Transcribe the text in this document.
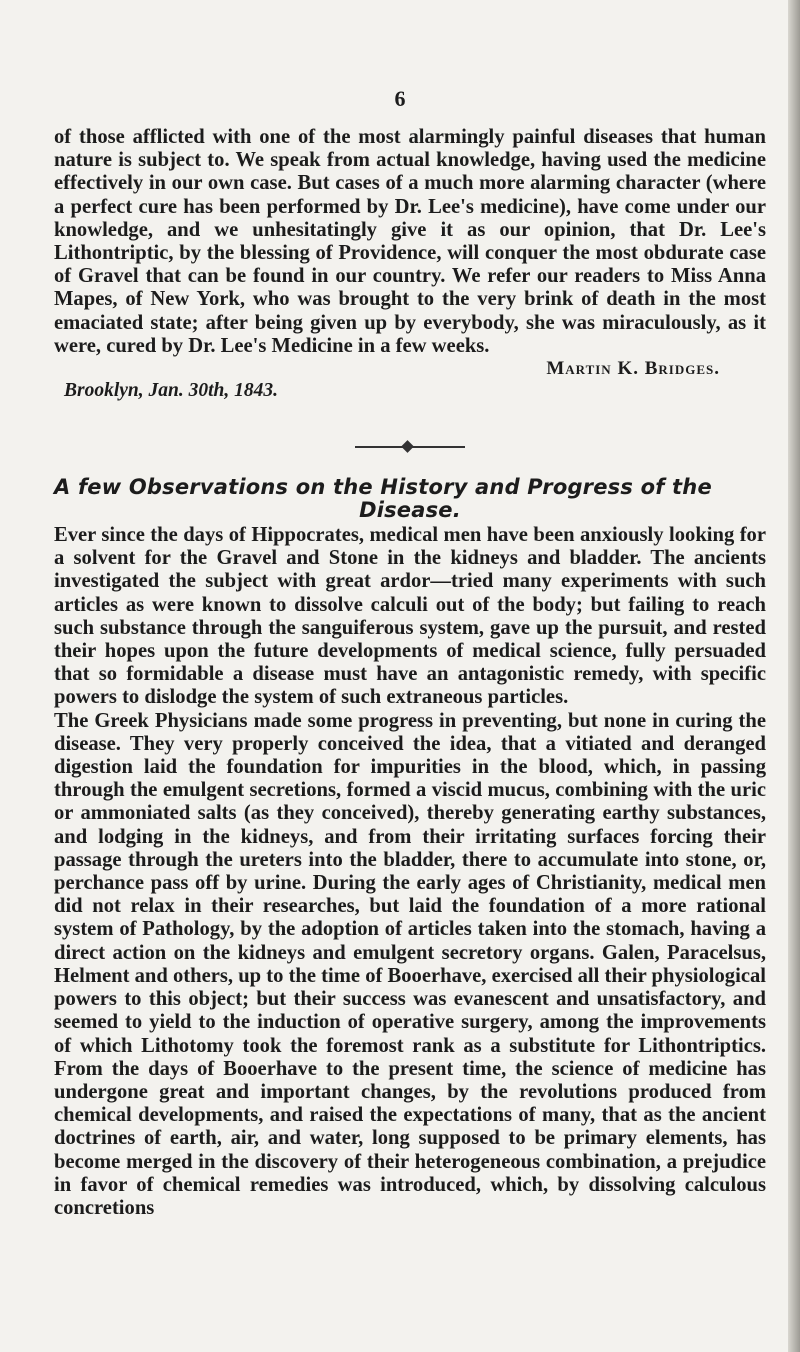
6

of those afflicted with one of the most alarmingly painful diseases that human nature is subject to. We speak from actual knowledge, having used the medicine effectively in our own case. But cases of a much more alarming character (where a perfect cure has been performed by Dr. Lee's medicine), have come under our knowledge, and we unhesitatingly give it as our opinion, that Dr. Lee's Lithontriptic, by the blessing of Providence, will conquer the most obdurate case of Gravel that can be found in our country. We refer our readers to Miss Anna Mapes, of New York, who was brought to the very brink of death in the most emaciated state; after being given up by everybody, she was miraculously, as it were, cured by Dr. Lee's Medicine in a few weeks.

Martin K. Bridges.
Brooklyn, Jan. 30th, 1843.
A few Observations on the History and Progress of the
Disease.

Ever since the days of Hippocrates, medical men have been anxiously looking for a solvent for the Gravel and Stone in the kidneys and bladder. The ancients investigated the subject with great ardor—tried many experiments with such articles as were known to dissolve calculi out of the body; but failing to reach such substance through the sanguiferous system, gave up the pursuit, and rested their hopes upon the future developments of medical science, fully persuaded that so formidable a disease must have an antagonistic remedy, with specific powers to dislodge the system of such extraneous particles.

The Greek Physicians made some progress in preventing, but none in curing the disease. They very properly conceived the idea, that a vitiated and deranged digestion laid the foundation for impurities in the blood, which, in passing through the emulgent secretions, formed a viscid mucus, combining with the uric or ammoniated salts (as they conceived), thereby generating earthy substances, and lodging in the kidneys, and from their irritating surfaces forcing their passage through the ureters into the bladder, there to accumulate into stone, or, perchance pass off by urine. During the early ages of Christianity, medical men did not relax in their researches, but laid the foundation of a more rational system of Pathology, by the adoption of articles taken into the stomach, having a direct action on the kidneys and emulgent secretory organs. Galen, Paracelsus, Helment and others, up to the time of Booerhave, exercised all their physiological powers to this object; but their success was evanescent and unsatisfactory, and seemed to yield to the induction of operative surgery, among the improvements of which Lithotomy took the foremost rank as a substitute for Lithontriptics. From the days of Booerhave to the present time, the science of medicine has undergone great and important changes, by the revolutions produced from chemical developments, and raised the expectations of many, that as the ancient doctrines of earth, air, and water, long supposed to be primary elements, has become merged in the discovery of their heterogeneous combination, a prejudice in favor of chemical remedies was introduced, which, by dissolving calculous concretions
